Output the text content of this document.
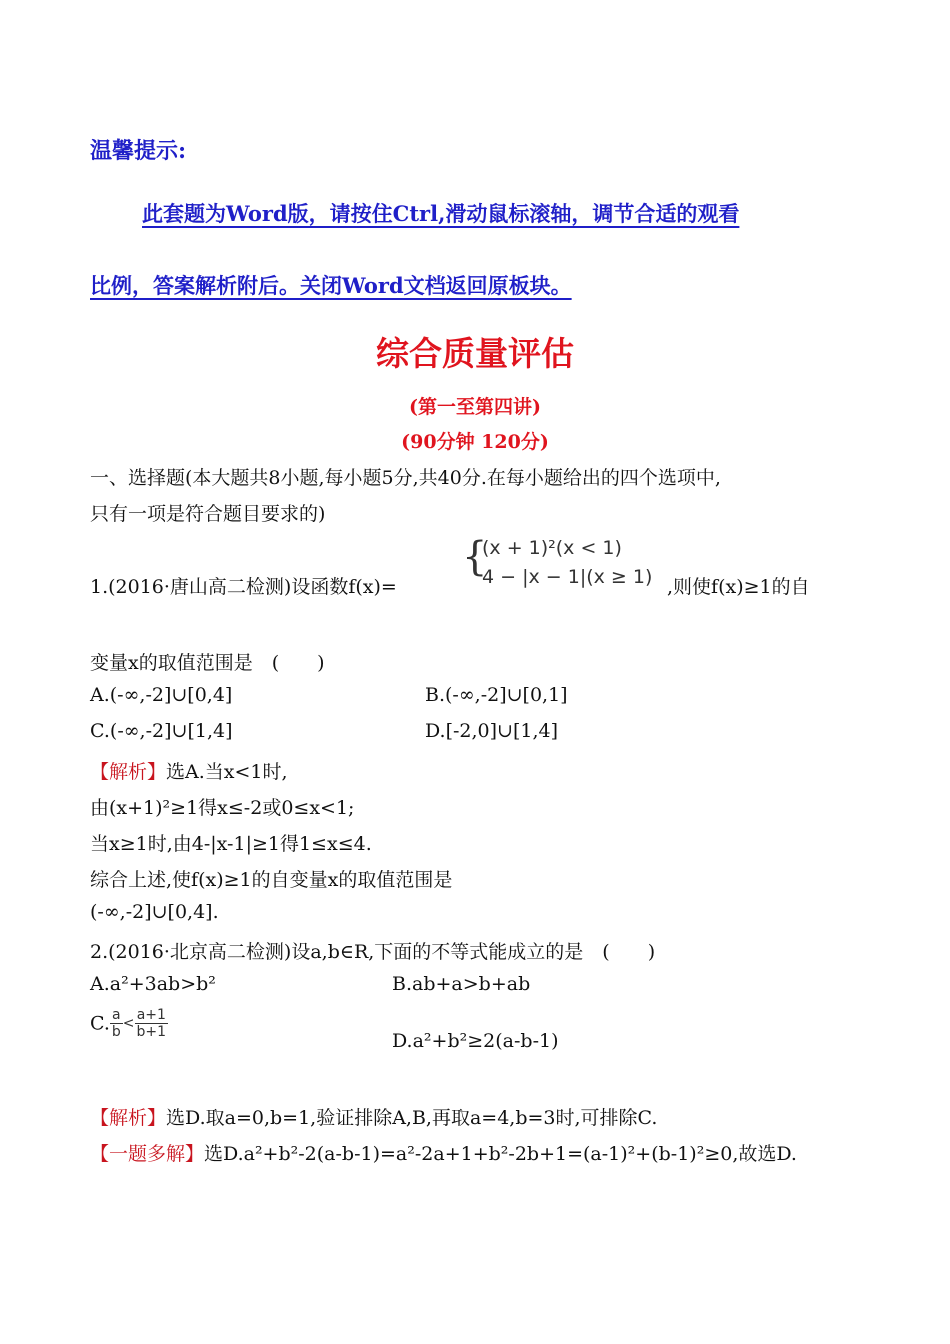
温馨提示:
此套题为Word版，请按住Ctrl,滑动鼠标滚轴，调节合适的观看
比例，答案解析附后。关闭Word文档返回原板块。
综合质量评估
(第一至第四讲)
(90分钟 120分)
一、选择题(本大题共8小题,每小题5分,共40分.在每小题给出的四个选项中,
只有一项是符合题目要求的)
1.(2016·唐山高二检测)设函数f(x)=
{
(x + 1)²(x < 1)
4 − |x − 1|(x ≥ 1) ,则使f(x)≥1的自
变量x的取值范围是　(　　)
A.(-∞,-2]∪[0,4]	B.(-∞,-2]∪[0,1]
C.(-∞,-2]∪[1,4]	D.[-2,0]∪[1,4]
【解析】选A.当x<1时,
由(x+1)²≥1得x≤-2或0≤x<1;
当x≥1时,由4-|x-1|≥1得1≤x≤4.
综合上述,使f(x)≥1的自变量x的取值范围是
(-∞,-2]∪[0,4].
2.(2016·北京高二检测)设a,b∈R,下面的不等式能成立的是　(　　)
A.a²+3ab>b²	B.ab+a>b+ab
C. $\frac{a}{b} < \frac{a+1}{b+1}$
D.a²+b²≥2(a-b-1)
【解析】选D.取a=0,b=1,验证排除A,B,再取a=4,b=3时,可排除C.
【一题多解】选D.a²+b²-2(a-b-1)=a²-2a+1+b²-2b+1=(a-1)²+(b-1)²≥0,故选D.
